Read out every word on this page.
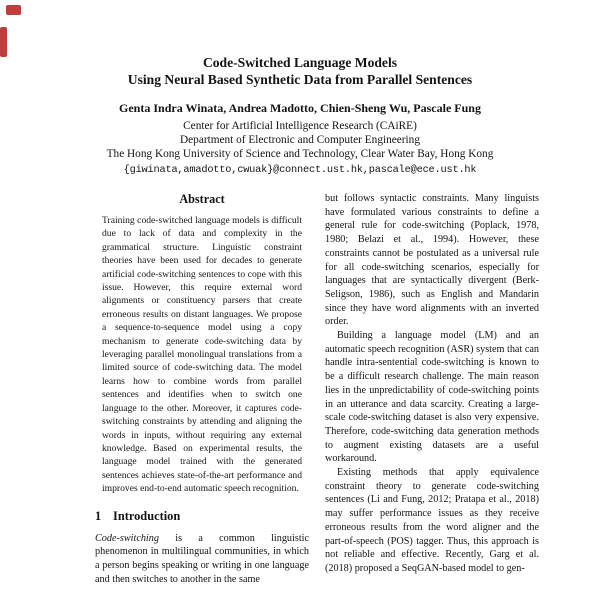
Code-Switched Language Models
Using Neural Based Synthetic Data from Parallel Sentences
Genta Indra Winata, Andrea Madotto, Chien-Sheng Wu, Pascale Fung
Center for Artificial Intelligence Research (CAiRE)
Department of Electronic and Computer Engineering
The Hong Kong University of Science and Technology, Clear Water Bay, Hong Kong
{giwinata,amadotto,cwuak}@connect.ust.hk,pascale@ece.ust.hk
Abstract

Training code-switched language models is difficult due to lack of data and complexity in the grammatical structure. Linguistic constraint theories have been used for decades to generate artificial code-switching sentences to cope with this issue. However, this require external word alignments or constituency parsers that create erroneous results on distant languages. We propose a sequence-to-sequence model using a copy mechanism to generate code-switching data by leveraging parallel monolingual translations from a limited source of code-switching data. The model learns how to combine words from parallel sentences and identifies when to switch one language to the other. Moreover, it captures code-switching constraints by attending and aligning the words in inputs, without requiring any external knowledge. Based on experimental results, the language model trained with the generated sentences achieves state-of-the-art performance and improves end-to-end automatic speech recognition.

1 Introduction

Code-switching is a common linguistic phenomenon in multilingual communities, in which a person begins speaking or writing in one language and then switches to another in the same

but follows syntactic constraints. Many linguists have formulated various constraints to define a general rule for code-switching (Poplack, 1978, 1980; Belazi et al., 1994). However, these constraints cannot be postulated as a universal rule for all code-switching scenarios, especially for languages that are syntactically divergent (Berk-Seligson, 1986), such as English and Mandarin since they have word alignments with an inverted order.

Building a language model (LM) and an automatic speech recognition (ASR) system that can handle intra-sentential code-switching is known to be a difficult research challenge. The main reason lies in the unpredictability of code-switching points in an utterance and data scarcity. Creating a large-scale code-switching dataset is also very expensive. Therefore, code-switching data generation methods to augment existing datasets are a useful workaround.

Existing methods that apply equivalence constraint theory to generate code-switching sentences (Li and Fung, 2012; Pratapa et al., 2018) may suffer performance issues as they receive erroneous results from the word aligner and the part-of-speech (POS) tagger. Thus, this approach is not reliable and effective. Recently, Garg et al. (2018) proposed a SeqGAN-based model to gen-
